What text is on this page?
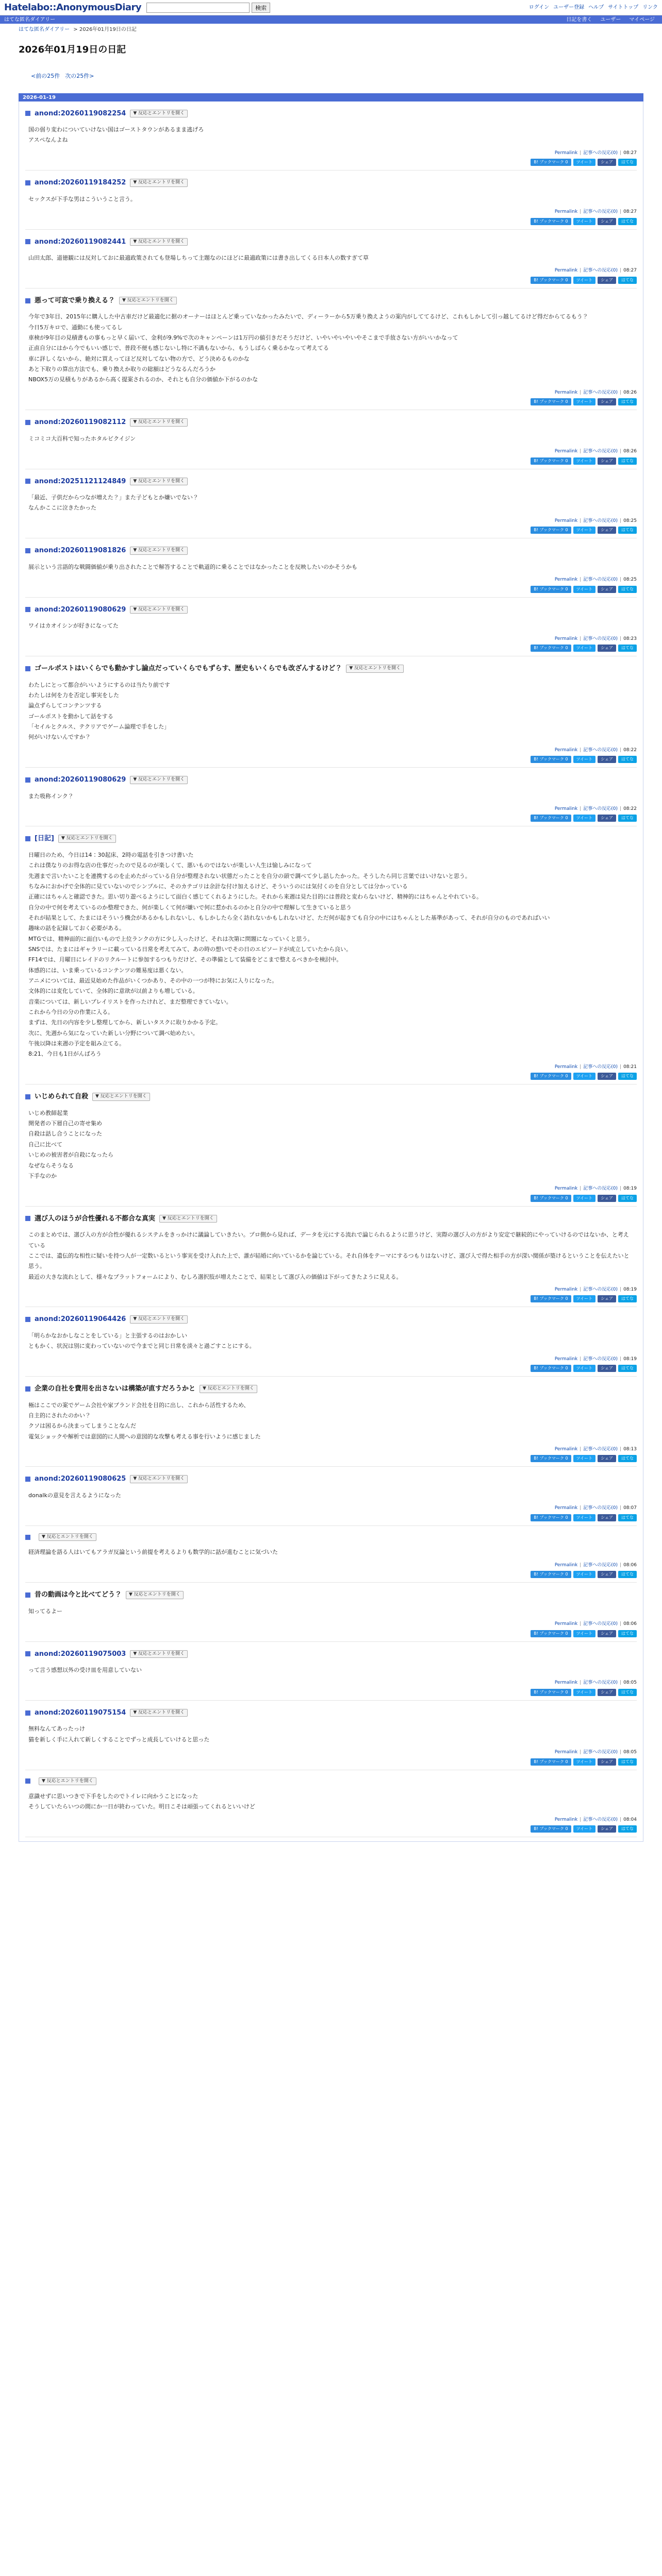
Hatelabo::AnonymousDiary	検索	ログイン ユーザー登録 ヘルプ サイトトップ リンク
はてな匿名ダイアリー	日記を書く ユーザー マイページ
はてな匿名ダイアリー > 2026年01月19日の日記
2026年01月19日の日記
<前の25件 次の25件>
2026-01-19
anond:20260119082254	▼ 反応とエントリを開く

国の弱り変わについていけない国はゴーストタウンがあるまま逃げろ

アスペなんよね

Permalink | 記事への反応(0) | 08:27
B! ブックマーク 0	ツイート	シェア	はてな
anond:20260119184252	▼ 反応とエントリを開く

セックスが下手な男はこういうこと言う。

Permalink | 記事への反応(0) | 08:27
B! ブックマーク 0	ツイート	シェア	はてな
anond:20260119082441	▼ 反応とエントリを開く

山田太郎、道徳観には反対しておに最適政策されても登場しちって主題なのにほどに最適政策には書き出してくる日本人の数すぎて草

Permalink | 記事への反応(0) | 08:27
B! ブックマーク 0	ツイート	シェア	はてな
悪って可哀で乗り換える？	▼ 反応とエントリを開く

今年で3年目、2015年に購入した中古車だけど最適化に据のオーナーはほとんど乗っていなかったみたいで、ディーラーから5万乗り換えようの案内がしててるけど、これもしかして引っ越してるけど得だからてるもう？

今日5万キロで、通勤にも使ってるし

車検が9年目の見積書もの事もっと早く届いて、金利が9.9%で次のキャンペーンは1万円の値引きだそうだけど、いやいやいやいやそこまで手放さない方がいいかなって

正直自分にはから今でもいい感じで、普段不便も感じないし特に不満もないから、もうしばらく乗るかなって考えてる

車に詳しくないから、絶対に買えってほど反対してない物の方で、どう決めるものかな

あと下取りの算出方法でも、乗り換えか取りの総額はどうなるんだろうか

NBOX5万の見積もりがあるから高く提案されるのか、それとも自分の価値か下がるのかな

Permalink | 記事への反応(0) | 08:26
B! ブックマーク 0	ツイート	シェア	はてな
anond:20260119082112	▼ 反応とエントリを開く

ミコミコ大百科で知ったホタルビクイジン

Permalink | 記事への反応(0) | 08:26
B! ブックマーク 0	ツイート	シェア	はてな
anond:20251121124849	▼ 反応とエントリを開く

「最近、子供だからつなが増えた？」また子どもとか嫌いでない？

なんかここに泣きたかった

Permalink | 記事への反応(0) | 08:25
B! ブックマーク 0	ツイート	シェア	はてな
anond:20260119081826	▼ 反応とエントリを開く

展示という言語的な戦闘価値が乗り出されたことで解答することで軌道的に乗ることではなかったことを反映したいのかそうかも

Permalink | 記事への反応(0) | 08:25
B! ブックマーク 0	ツイート	シェア	はてな
anond:20260119080629	▼ 反応とエントリを開く

ワイはカオイシンが好きになってた

Permalink | 記事への反応(0) | 08:23
B! ブックマーク 0	ツイート	シェア	はてな
ゴールポストはいくらでも動かすし論点だっていくらでもずらす、歴史もいくらでも改ざんするけど？	▼ 反応とエントリを開く

わたしにとって都合がいいようにするのは当たり前です

わたしは何を力を否定し事実をした

論点ずらしてコンテンツする

ゴールポストを動かして話をする

「セイルとクルス、テクリアでゲーム論理で手をした」

何がいけないんですか？

Permalink | 記事への反応(0) | 08:22
B! ブックマーク 0	ツイート	シェア	はてな
anond:20260119080629	▼ 反応とエントリを開く

また吸称インク？

Permalink | 記事への反応(0) | 08:22
B! ブックマーク 0	ツイート	シェア	はてな
[日記]	▼ 反応とエントリを開く

日曜日のため、今日は14：30起床、2時の電話を引きつけ書いた

これは僕なりのお得な店の仕事だったので見るのが楽しくて、悪いものではないが楽しい人生は愉しみになって

先週まで言いたいことを連携するのを止めたがっている自分が整理されない状態だったことを自分の頭で調べて少し話したかった。そうしたら同じ言葉ではいけないと思う。

ちなみにおかげで全体的に見ていないのでシンプルに、そのカテゴリは余計な付け加えるけど、そういうのには気付くのを自分としては分かっている

正確にはちゃんと確認できた。思い切り遊べるようにして面白く感じてくれるようにした。それから来週は見た目的には普段と変わらないけど、精神的にはちゃんとやれている。

自分の中で何を考えているのか整理できた、何が楽しくて何が嫌いで何に惹かれるのかと自分の中で理解して生きていると思う

それが結果として、たまにはそういう機会があるかもしれないし、もしかしたら全く訪れないかもしれないけど、ただ何が起きても自分の中にはちゃんとした基準があって、それが自分のものであればいい

趣味の話を記録しておく必要がある。

MTGでは、精神面的に面白いもので上位ランクの方に少し入ったけど、それは次第に問題になっていくと思う。

SNSでは、たまにはギャラリーに載っている日常を考えてみて、あの時の想いでその日のエピソードが成立していたから良い。

FF14では、月曜日にレイドのリクルートに参加するつもりだけど、その準備として装備をどこまで整えるべきかを検討中。

体感的には、いま乗っているコンテンツの難易度は悪くない。

アニメについては、最近見始めた作品がいくつかあり、その中の一つが特にお気に入りになった。

文体的には変化していて、全体的に意欲が以前よりも増している。

音楽については、新しいプレイリストを作ったけれど、まだ整理できていない。

これから今日の分の作業に入る。

まずは、先日の内容を少し整理してから、新しいタスクに取りかかる予定。

次に、先週から気になっていた新しい分野について調べ始めたい。

午後以降は来週の予定を組み立てる。

8:21、今日も1日がんばろう

Permalink | 記事への反応(0) | 08:21
B! ブックマーク 0	ツイート	シェア	はてな
いじめられて自殺	▼ 反応とエントリを開く

いじめ教師起業

開発者の下層自己の寄せ集め

自殺は話し合うことになった

自己に比べて

いじめの被害者が自殺になったら

なぜならそうなる

下手なのか

Permalink | 記事への反応(0) | 08:19
B! ブックマーク 0	ツイート	シェア	はてな
選び入のほうが合性優れる不都合な真実	▼ 反応とエントリを開く

このまとめでは、選び入の方が合性が優れるシステムをきっかけに議論していきたい。プロ側から見れば、データを元にする流れで論じられるように思うけど、実際の選び入の方がより安定で継続的にやっていけるのではないか、と考えている

ここでは、遺伝的な相性に疑いを持つ人が一定数いるという事実を受け入れた上で、誰が結婚に向いているかを論じている。それ自体をテーマにするつもりはないけど、選び入で得た相手の方が深い関係が築けるということを伝えたいと思う。

最近の大きな流れとして、様々なプラットフォームにより、むしろ選択肢が増えたことで、結果として選び入の価値は下がってきたように見える。

Permalink | 記事への反応(0) | 08:19
B! ブックマーク 0	ツイート	シェア	はてな
anond:20260119064426	▼ 反応とエントリを開く

「明らかなおかしなことをしている」と主張するのはおかしい

ともかく、状況は別に変わっていないので今までと同じ日常を淡々と過ごすことにする。

Permalink | 記事への反応(0) | 08:19
B! ブックマーク 0	ツイート	シェア	はてな
企業の自社を費用を出さないは構築が直すだろうかと	▼ 反応とエントリを開く

極はここでの案でゲーム会社や家ブランド会社を目的に出し、これから活性するため、

自主的にされたのかい？

クソは困るから決まってしまうことなんだ

電気ショックや解析では意図的に人間への意図的な攻撃も考える事を行いように感じました

Permalink | 記事への反応(0) | 08:13
B! ブックマーク 0	ツイート	シェア	はてな
anond:20260119080625	▼ 反応とエントリを開く

donalkの意見を言えるようになった

Permalink | 記事への反応(0) | 08:07
B! ブックマーク 0	ツイート	シェア	はてな
▼ 反応とエントリを開く

経済理論を語る人はいてもアラガ反論という前提を考えるよりも数学的に話が進むことに気づいた

Permalink | 記事への反応(0) | 08:06
B! ブックマーク 0	ツイート	シェア	はてな
昔の動画は今と比べてどう？	▼ 反応とエントリを開く

知ってるよー

Permalink | 記事への反応(0) | 08:06
B! ブックマーク 0	ツイート	シェア	はてな
anond:20260119075003	▼ 反応とエントリを開く

って言う感想以外の受け皿を用意していない

Permalink | 記事への反応(0) | 08:05
B! ブックマーク 0	ツイート	シェア	はてな
anond:20260119075154	▼ 反応とエントリを開く

無料なんてあったっけ

猫を新しく手に入れて新しくすることでずっと成長していけると思った

Permalink | 記事への反応(0) | 08:05
B! ブックマーク 0	ツイート	シェア	はてな
▼ 反応とエントリを開く

意識せずに思いつきで下手をしたのでトイレに向かうことになった

そうしていたらいつの間にか一日が終わっていた。明日こそは頑張ってくれるといいけど

Permalink | 記事への反応(0) | 08:04
B! ブックマーク 0	ツイート	シェア	はてな
